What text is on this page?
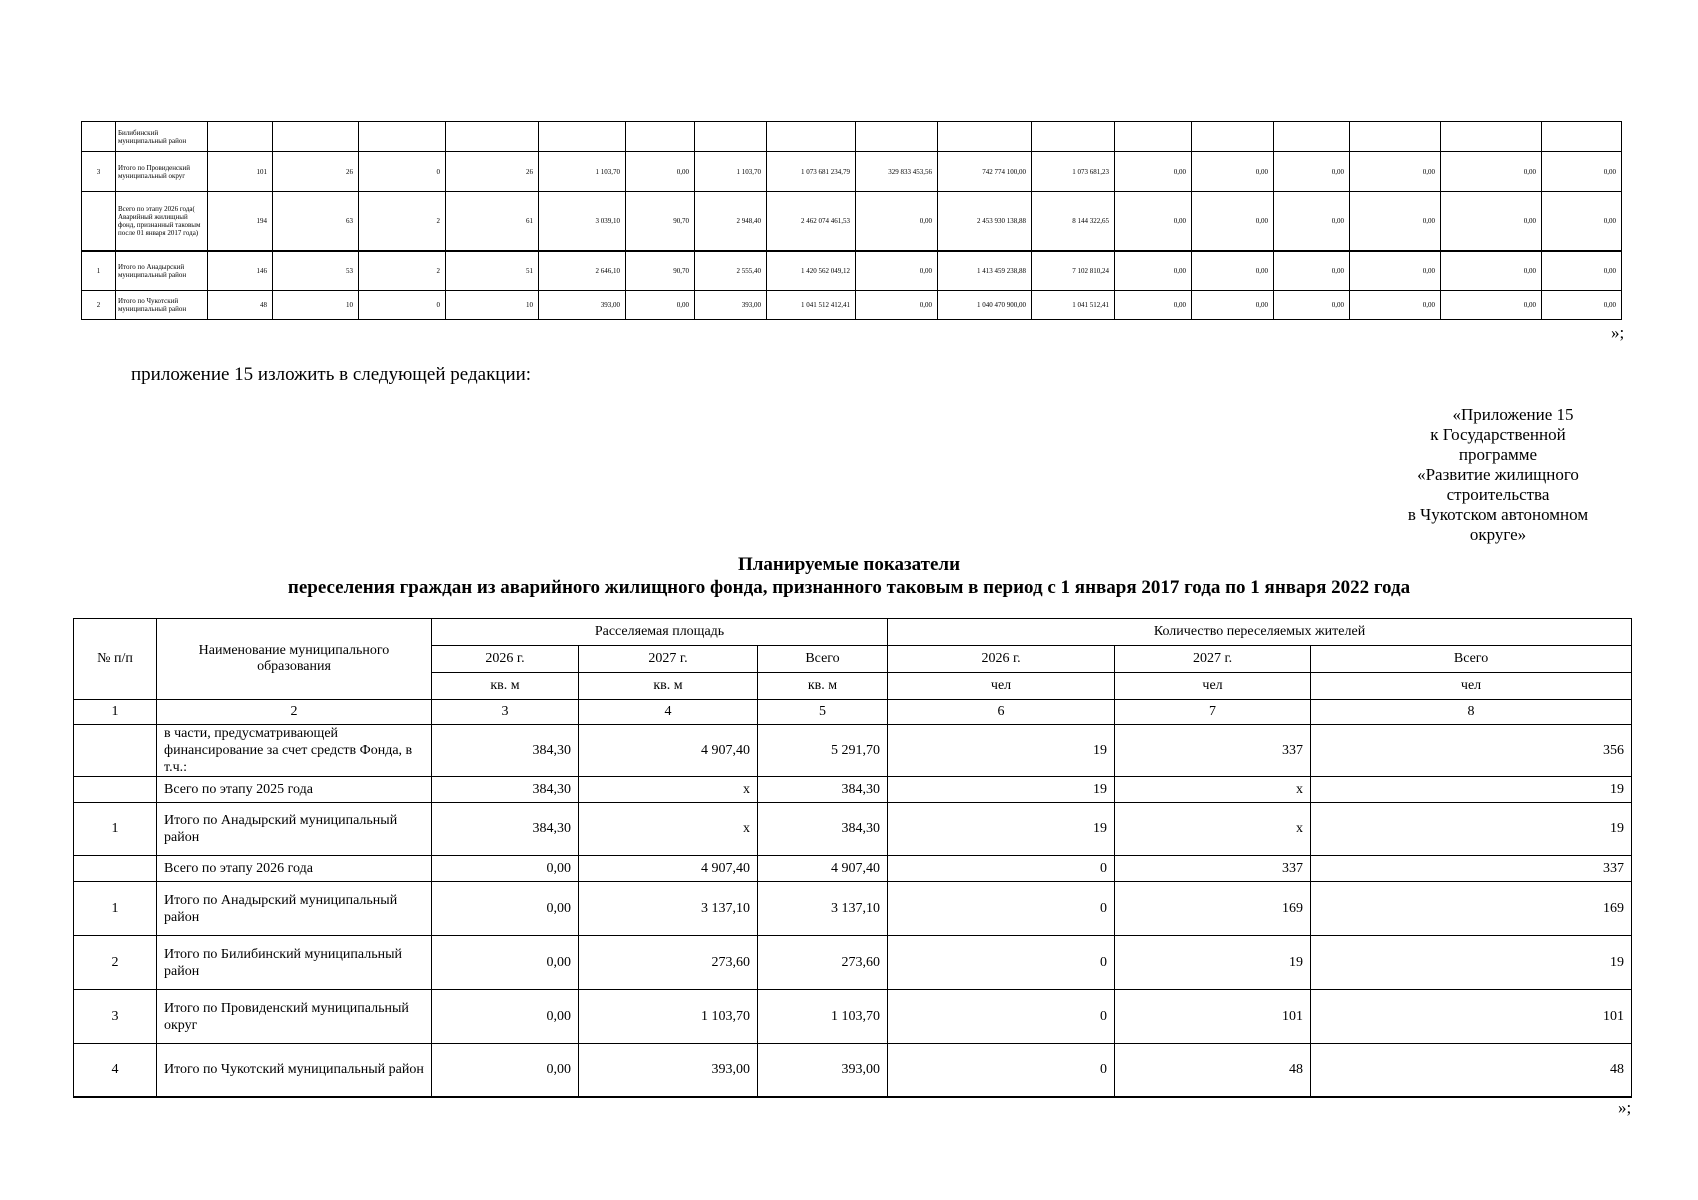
	Билибинский муниципальный район																	
3	Итого по Провиденский муниципальный округ	101	26	0	26	1 103,70	0,00	1 103,70	1 073 681 234,79	329 833 453,56	742 774 100,00	1 073 681,23	0,00	0,00	0,00	0,00	0,00	0,00
	Всего по этапу 2026 года( Аварийный жилищный фонд, признанный таковым после 01 января 2017 года)	194	63	2	61	3 039,10	90,70	2 948,40	2 462 074 461,53	0,00	2 453 930 138,88	8 144 322,65	0,00	0,00	0,00	0,00	0,00	0,00
1	Итого по Анадырский муниципальный район	146	53	2	51	2 646,10	90,70	2 555,40	1 420 562 049,12	0,00	1 413 459 238,88	7 102 810,24	0,00	0,00	0,00	0,00	0,00	0,00
2	Итого по Чукотский муниципальный район	48	10	0	10	393,00	0,00	393,00	1 041 512 412,41	0,00	1 040 470 900,00	1 041 512,41	0,00	0,00	0,00	0,00	0,00	0,00
»;
приложение 15 изложить в следующей редакции:
«Приложение 15
к Государственной программе
«Развитие жилищного строительства
в Чукотском автономном округе»
Планируемые показатели
переселения граждан из аварийного жилищного фонда, признанного таковым в период с 1 января 2017 года по 1 января 2022 года
№ п/п	Наименование муниципального образования	Расселяемая площадь			Количество переселяемых жителей		
		2026 г.	2027 г.	Всего	2026 г.	2027 г.	Всего
		кв. м	кв. м	кв. м	чел	чел	чел
1	2	3	4	5	6	7	8
	в части, предусматривающей финансирование за счет средств Фонда, в т.ч.:	384,30	4 907,40	5 291,70	19	337	356
	Всего по этапу 2025 года	384,30	x	384,30	19	x	19
1	Итого по Анадырский муниципальный район	384,30	x	384,30	19	x	19
	Всего по этапу 2026 года	0,00	4 907,40	4 907,40	0	337	337
1	Итого по Анадырский муниципальный район	0,00	3 137,10	3 137,10	0	169	169
2	Итого по Билибинский муниципальный район	0,00	273,60	273,60	0	19	19
3	Итого по Провиденский муниципальный округ	0,00	1 103,70	1 103,70	0	101	101
4	Итого по Чукотский муниципальный район	0,00	393,00	393,00	0	48	48
»;
